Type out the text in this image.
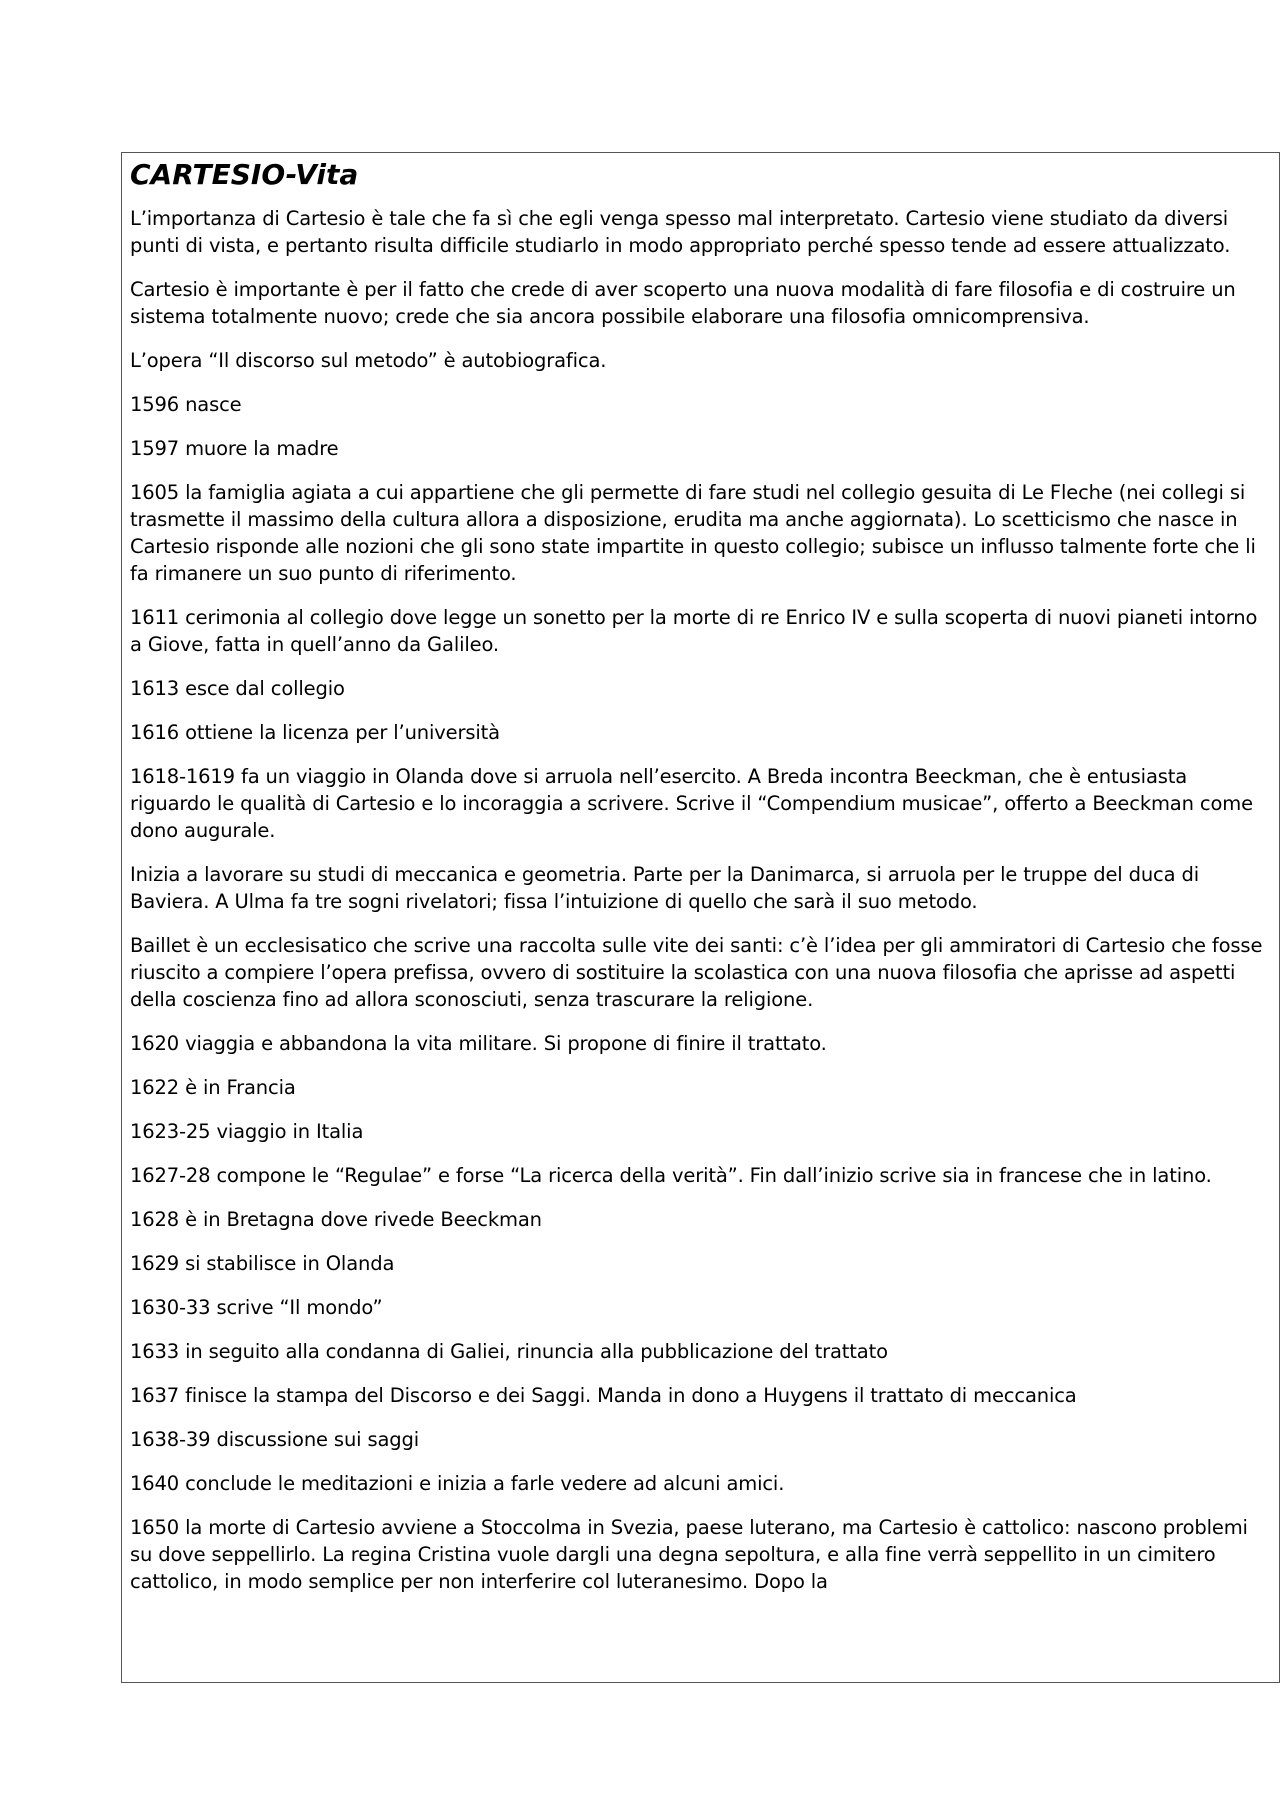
CARTESIO-Vita

L’importanza di Cartesio è tale che fa sì che egli venga spesso mal interpretato. Cartesio viene studiato da diversi punti di vista, e pertanto risulta difficile studiarlo in modo appropriato perché spesso tende ad essere attualizzato.

Cartesio è importante è per il fatto che crede di aver scoperto una nuova modalità di fare filosofia e di costruire un sistema totalmente nuovo; crede che sia ancora possibile elaborare una filosofia omnicomprensiva.

L’opera “Il discorso sul metodo” è autobiografica.

1596 nasce

1597 muore la madre

1605 la famiglia agiata a cui appartiene che gli permette di fare studi nel collegio gesuita di Le Fleche (nei collegi si trasmette il massimo della cultura allora a disposizione, erudita ma anche aggiornata). Lo scetticismo che nasce in Cartesio risponde alle nozioni che gli sono state impartite in questo collegio; subisce un influsso talmente forte che li fa rimanere un suo punto di riferimento.

1611 cerimonia al collegio dove legge un sonetto per la morte di re Enrico IV e sulla scoperta di nuovi pianeti intorno a Giove, fatta in quell’anno da Galileo.

1613 esce dal collegio

1616 ottiene la licenza per l’università

1618-1619 fa un viaggio in Olanda dove si arruola nell’esercito. A Breda incontra Beeckman, che è entusiasta riguardo le qualità di Cartesio e lo incoraggia a scrivere. Scrive il “Compendium musicae”, offerto a Beeckman come dono augurale.

Inizia a lavorare su studi di meccanica e geometria. Parte per la Danimarca, si arruola per le truppe del duca di Baviera. A Ulma fa tre sogni rivelatori; fissa l’intuizione di quello che sarà il suo metodo.

Baillet è un ecclesisatico che scrive una raccolta sulle vite dei santi: c’è l’idea per gli ammiratori di Cartesio che fosse riuscito a compiere l’opera prefissa, ovvero di sostituire la scolastica con una nuova filosofia che aprisse ad aspetti della coscienza fino ad allora sconosciuti, senza trascurare la religione.

1620 viaggia e abbandona la vita militare. Si propone di finire il trattato.

1622 è in Francia

1623-25 viaggio in Italia

1627-28 compone le “Regulae” e forse “La ricerca della verità”. Fin dall’inizio scrive sia in francese che in latino.

1628 è in Bretagna dove rivede Beeckman

1629 si stabilisce in Olanda

1630-33 scrive “Il mondo”

1633 in seguito alla condanna di Galiei, rinuncia alla pubblicazione del trattato

1637 finisce la stampa del Discorso e dei Saggi. Manda in dono a Huygens il trattato di meccanica

1638-39 discussione sui saggi

1640 conclude le meditazioni e inizia a farle vedere ad alcuni amici.

1650 la morte di Cartesio avviene a Stoccolma in Svezia, paese luterano, ma Cartesio è cattolico: nascono problemi su dove seppellirlo. La regina Cristina vuole dargli una degna sepoltura, e alla fine verrà seppellito in un cimitero cattolico, in modo semplice per non interferire col luteranesimo. Dopo la
